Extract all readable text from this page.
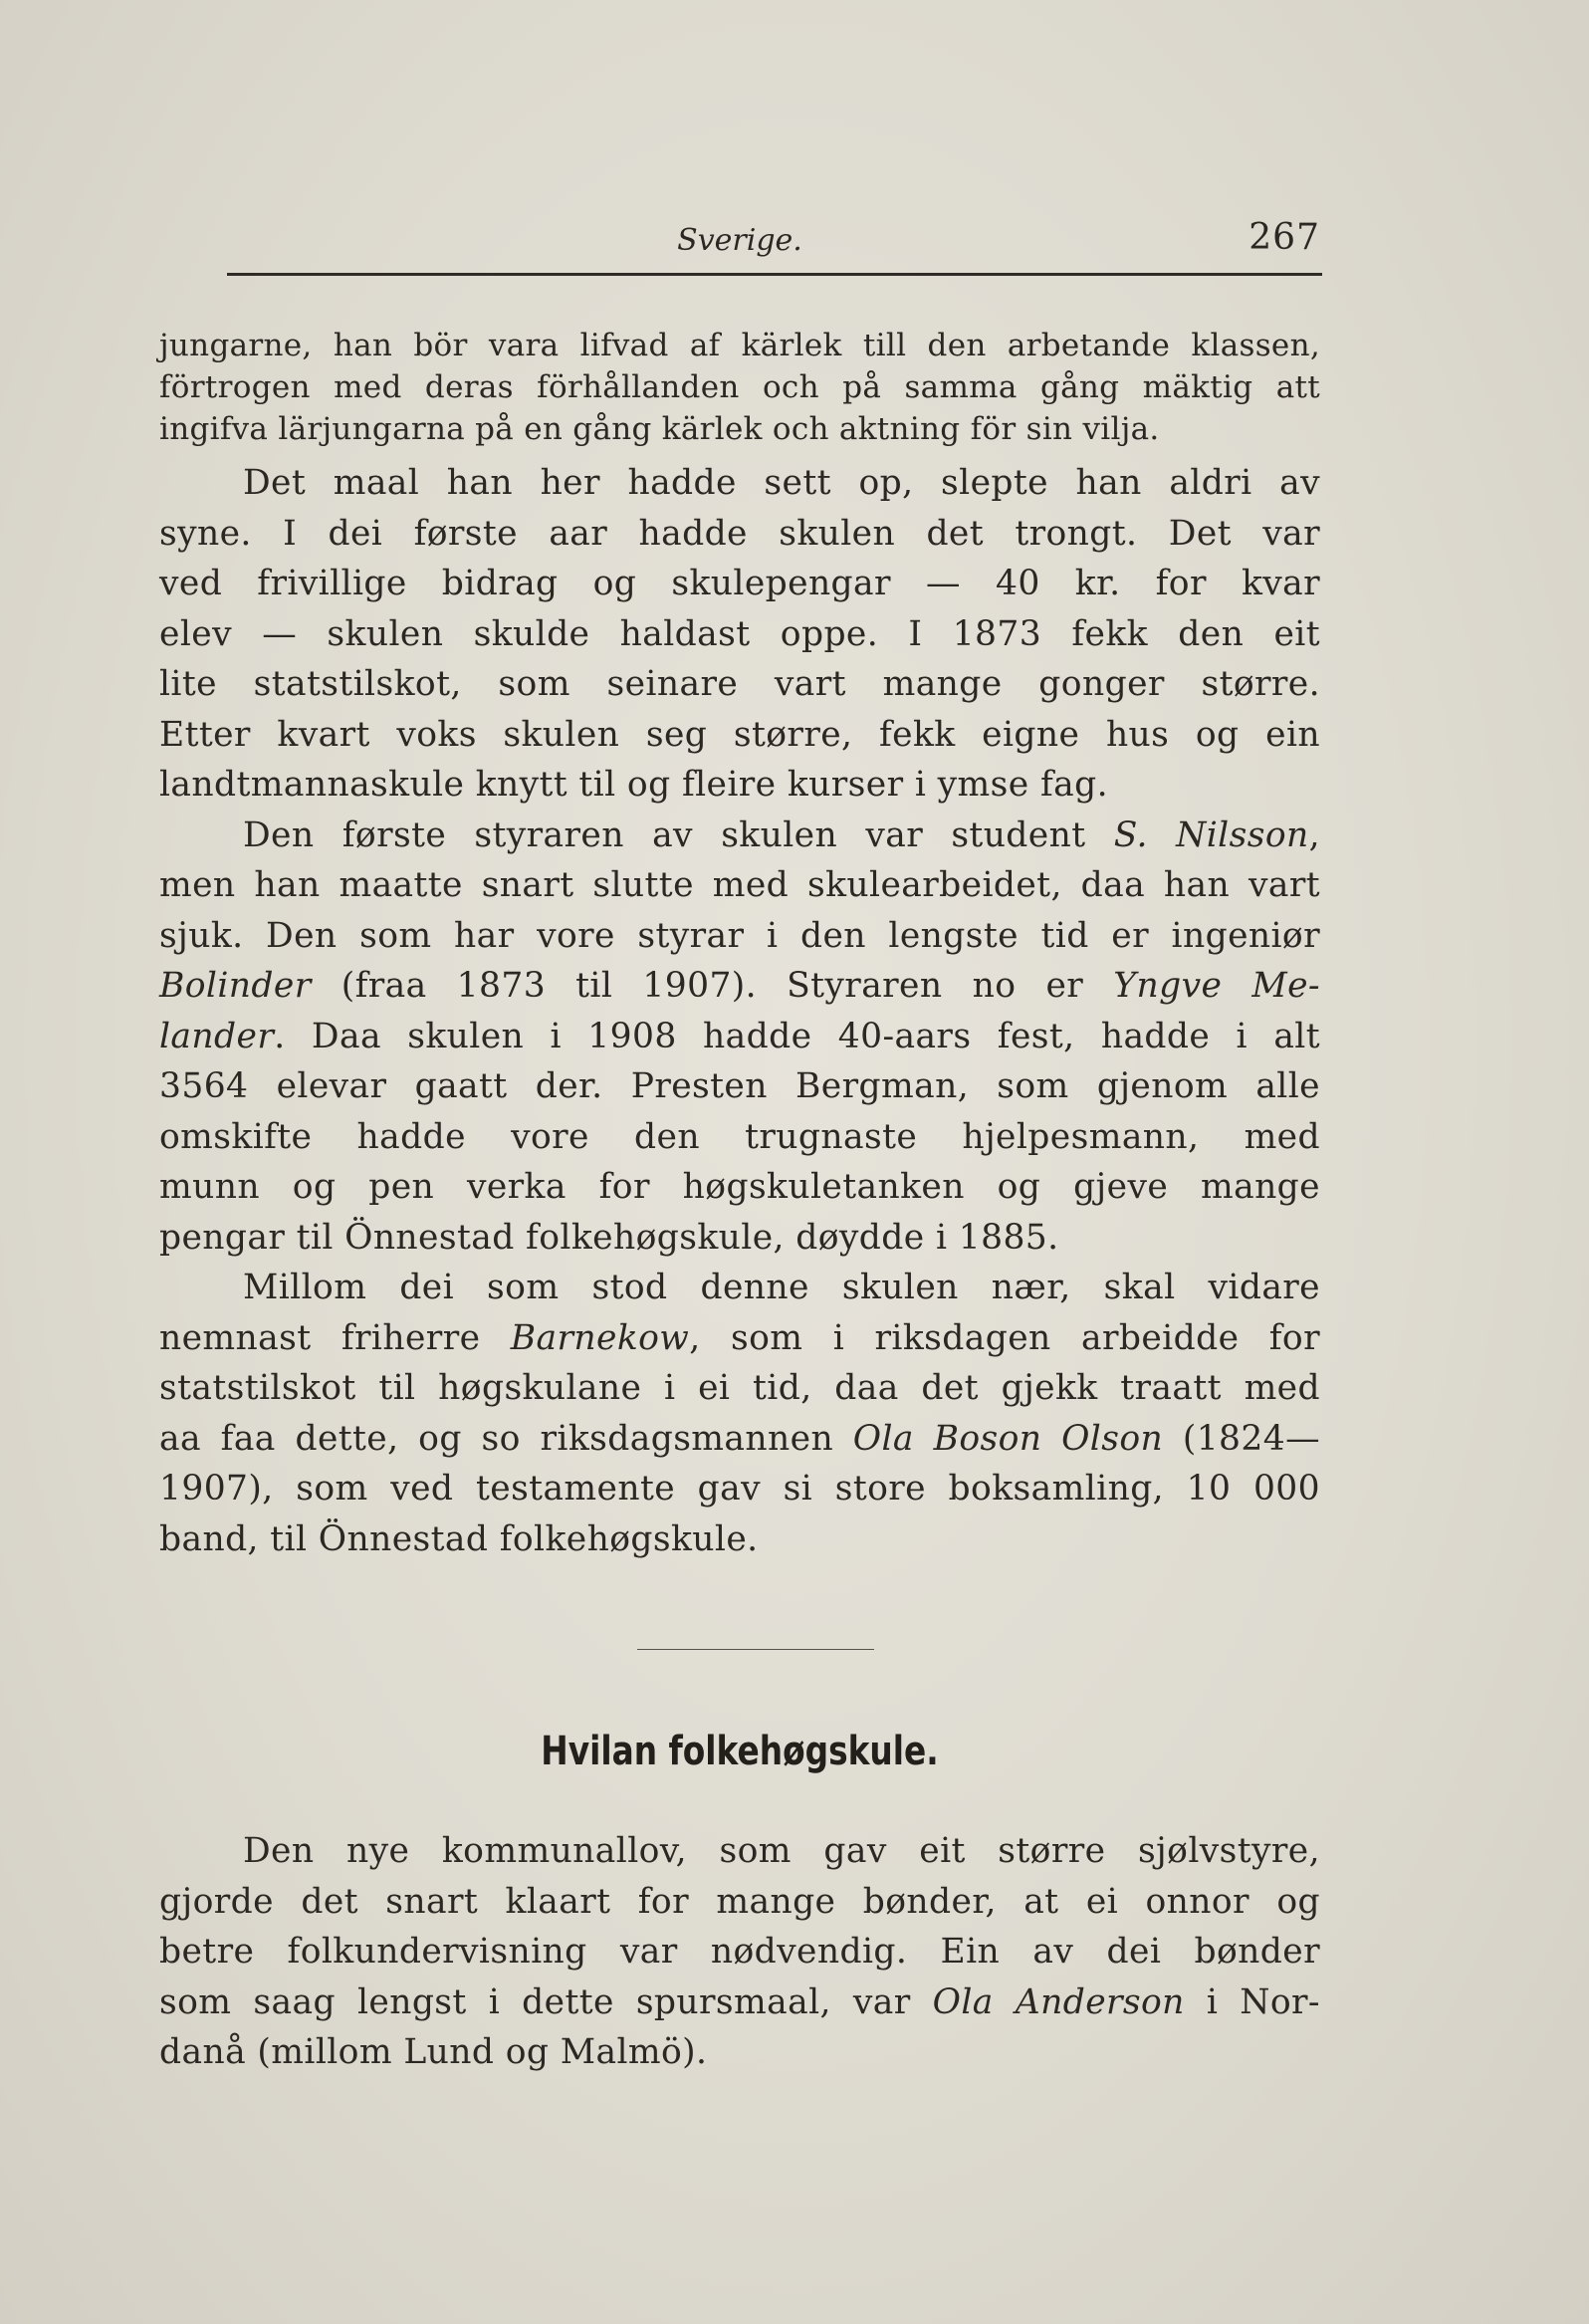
Sverige.	267
jungarne, han bör vara lifvad af kärlek till den arbetande klassen,
förtrogen med deras förhållanden och på samma gång mäktig att
ingifva lärjungarna på en gång kärlek och aktning för sin vilja.
Det maal han her hadde sett op, slepte han aldri av
syne. I dei første aar hadde skulen det trongt. Det var
ved frivillige bidrag og skulepengar — 40 kr. for kvar
elev — skulen skulde haldast oppe. I 1873 fekk den eit
lite statstilskot, som seinare vart mange gonger større.
Etter kvart voks skulen seg større, fekk eigne hus og ein
landtmannaskule knytt til og fleire kurser i ymse fag.
Den første styraren av skulen var student S. Nilsson,
men han maatte snart slutte med skulearbeidet, daa han vart
sjuk. Den som har vore styrar i den lengste tid er ingeniør
Bolinder (fraa 1873 til 1907). Styraren no er Yngve Me-
lander. Daa skulen i 1908 hadde 40-aars fest, hadde i alt
3564 elevar gaatt der. Presten Bergman, som gjenom alle
omskifte hadde vore den trugnaste hjelpesmann, med
munn og pen verka for høgskuletanken og gjeve mange
pengar til Önnestad folkehøgskule, døydde i 1885.
Millom dei som stod denne skulen nær, skal vidare
nemnast friherre Barnekow, som i riksdagen arbeidde for
statstilskot til høgskulane i ei tid, daa det gjekk traatt med
aa faa dette, og so riksdagsmannen Ola Boson Olson (1824—
1907), som ved testamente gav si store boksamling, 10 000
band, til Önnestad folkehøgskule.
Hvilan folkehøgskule.
Den nye kommunallov, som gav eit større sjølvstyre,
gjorde det snart klaart for mange bønder, at ei onnor og
betre folkundervisning var nødvendig. Ein av dei bønder
som saag lengst i dette spursmaal, var Ola Anderson i Nor-
danå (millom Lund og Malmö).
